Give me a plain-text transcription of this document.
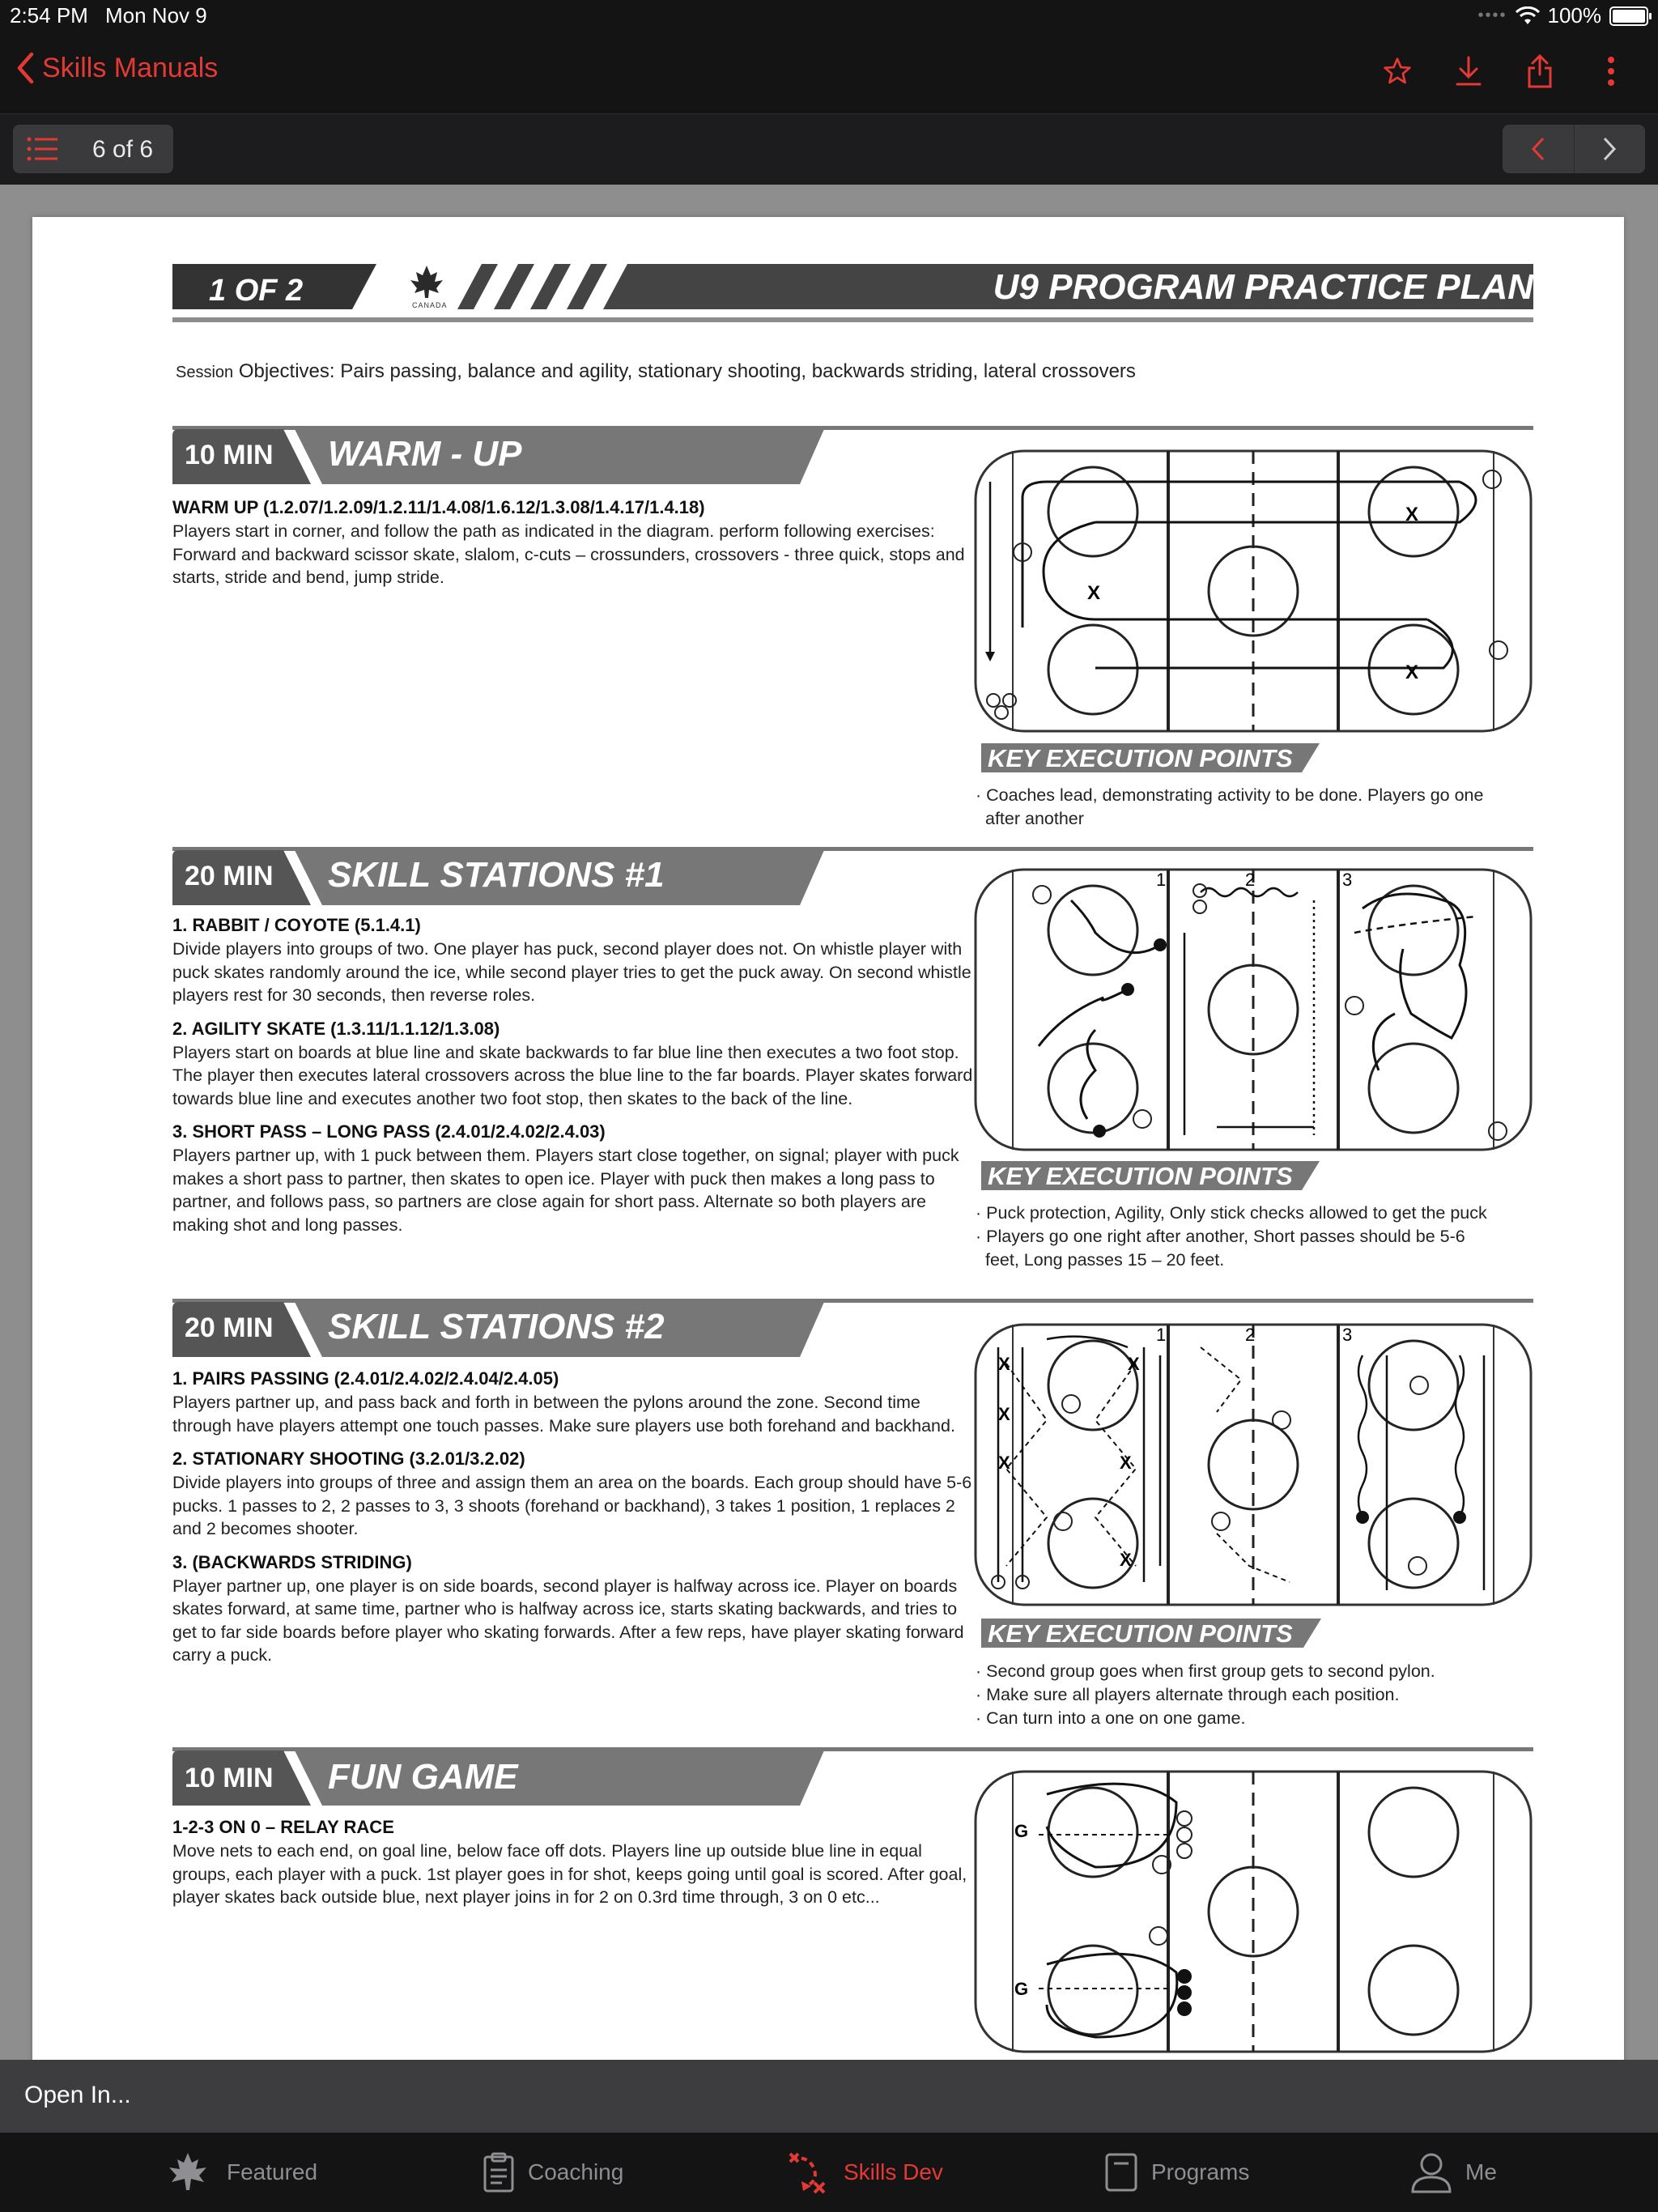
2:54 PM Mon Nov 9	•••• 100%
Skills Manuals
6 of 6
1 OF 2	CANADA	U9 PROGRAM PRACTICE PLAN
PHASE: 2	LESSON: 10	DURATION: 60
Session Objectives: Pairs passing, balance and agility, stationary shooting, backwards striding, lateral crossovers
10 MIN WARM - UP

WARM UP (1.2.07/1.2.09/1.2.11/1.4.08/1.6.12/1.3.08/1.4.17/1.4.18)

Players start in corner, and follow the path as indicated in the diagram. perform following exercises: Forward and backward scissor skate, slalom, c-cuts – crossunders, crossovers - three quick, stops and starts, stride and bend, jump stride.

KEY EXECUTION POINTS
· Coaches lead, demonstrating activity to be done. Players go one after another
20 MIN SKILL STATIONS #1

1. RABBIT / COYOTE (5.1.4.1)

Divide players into groups of two. One player has puck, second player does not. On whistle player with puck skates randomly around the ice, while second player tries to get the puck away. On second whistle players rest for 30 seconds, then reverse roles.

2. AGILITY SKATE (1.3.11/1.1.12/1.3.08)

Players start on boards at blue line and skate backwards to far blue line then executes a two foot stop. The player then executes lateral crossovers across the blue line to the far boards. Player skates forward towards blue line and executes another two foot stop, then skates to the back of the line.

3. SHORT PASS – LONG PASS (2.4.01/2.4.02/2.4.03)

Players partner up, with 1 puck between them. Players start close together, on signal; player with puck makes a short pass to partner, then skates to open ice. Player with puck then makes a long pass to partner, and follows pass, so partners are close again for short pass. Alternate so both players are making shot and long passes.

KEY EXECUTION POINTS
· Puck protection, Agility, Only stick checks allowed to get the puck
· Players go one right after another, Short passes should be 5-6 feet, Long passes 15 – 20 feet.
20 MIN SKILL STATIONS #2

1. PAIRS PASSING (2.4.01/2.4.02/2.4.04/2.4.05)

Players partner up, and pass back and forth in between the pylons around the zone. Second time through have players attempt one touch passes. Make sure players use both forehand and backhand.

2. STATIONARY SHOOTING (3.2.01/3.2.02)

Divide players into groups of three and assign them an area on the boards. Each group should have 5-6 pucks. 1 passes to 2, 2 passes to 3, 3 shoots (forehand or backhand), 3 takes 1 position, 1 replaces 2 and 2 becomes shooter.

3. (BACKWARDS STRIDING)

Player partner up, one player is on side boards, second player is halfway across ice. Player on boards skates forward, at same time, partner who is halfway across ice, starts skating backwards, and tries to get to far side boards before player who skating forwards. After a few reps, have player skating forward carry a puck.

KEY EXECUTION POINTS
· Second group goes when first group gets to second pylon.
· Make sure all players alternate through each position.
· Can turn into a one on one game.
10 MIN FUN GAME

1-2-3 ON 0 – RELAY RACE

Move nets to each end, on goal line, below face off dots. Players line up outside blue line in equal groups, each player with a puck. 1st player goes in for shot, keeps going until goal is scored. After goal, player skates back outside blue, next player joins in for 2 on 0.3rd time through, 3 on 0 etc...

X
X
X
1	2	3
X
X
X
X
X
X
1	2	3
G
G
Open In...
Featured	Coaching	Skills Dev	Programs	Me
